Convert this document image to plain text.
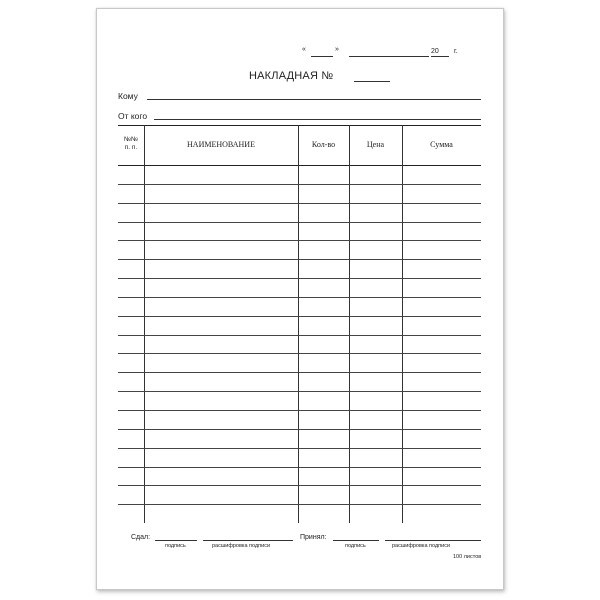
«	»	20 г.
НАКЛАДНАЯ №
Кому
От кого
№№
п. п.	НАИМЕНОВАНИЕ	Кол-во	Цена	Сумма
Сдал:
подпись	расшифровка подписи
Принял:
подпись	расшифровка подписи
100 листов
